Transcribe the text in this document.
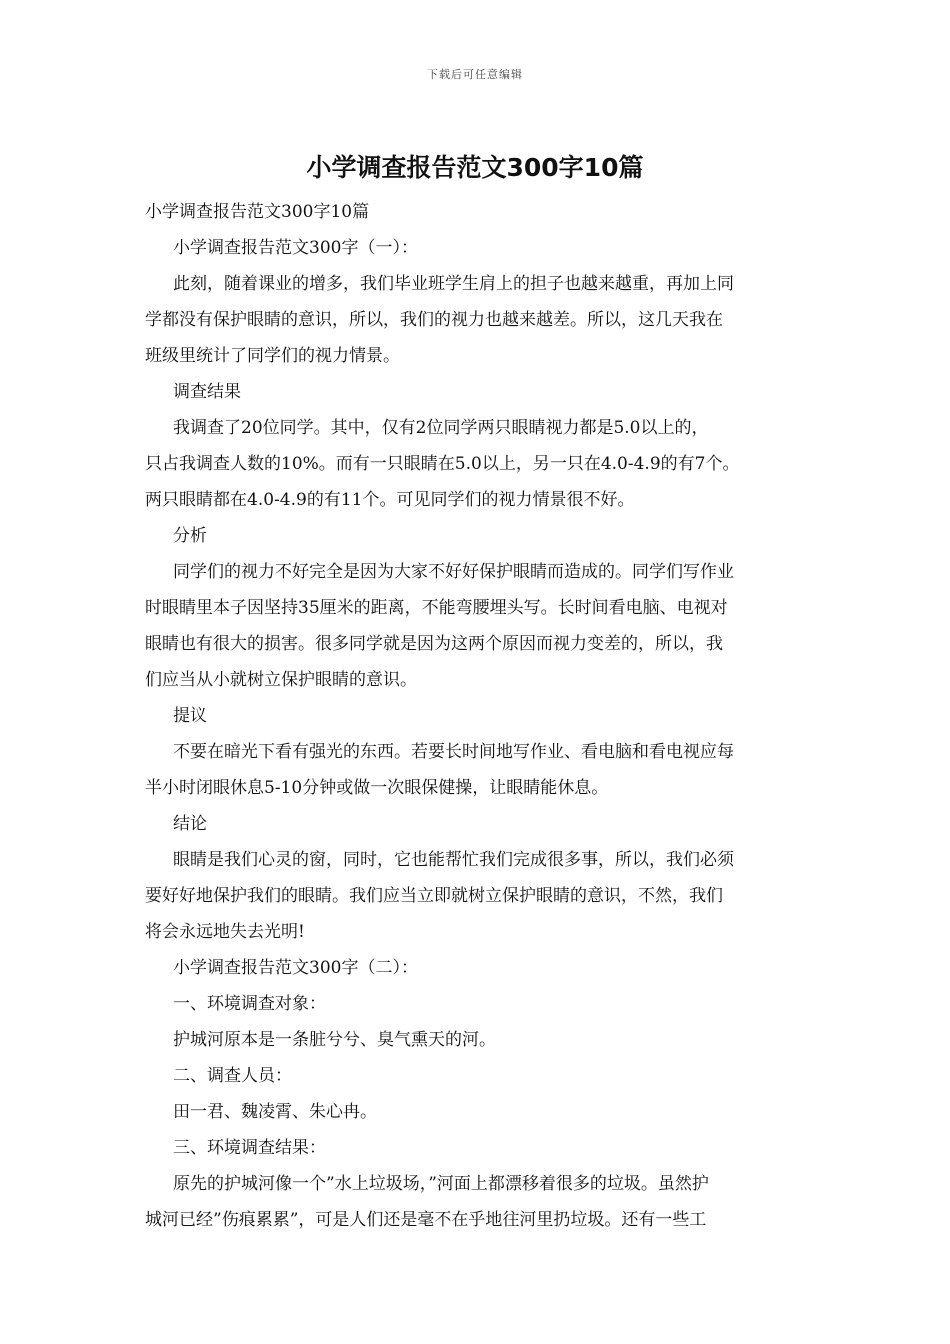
下载后可任意编辑
小学调查报告范文300字10篇

小学调查报告范文300字10篇

小学调查报告范文300字（一）：

此刻，随着课业的增多，我们毕业班学生肩上的担子也越来越重，再加上同

学都没有保护眼睛的意识，所以，我们的视力也越来越差。所以，这几天我在

班级里统计了同学们的视力情景。

调查结果

我调查了20位同学。其中，仅有2位同学两只眼睛视力都是5.0以上的，

只占我调查人数的10%。而有一只眼睛在5.0以上，另一只在4.0-4.9的有7个。

两只眼睛都在4.0-4.9的有11个。可见同学们的视力情景很不好。

分析

同学们的视力不好完全是因为大家不好好保护眼睛而造成的。同学们写作业

时眼睛里本子因坚持35厘米的距离，不能弯腰埋头写。长时间看电脑、电视对

眼睛也有很大的损害。很多同学就是因为这两个原因而视力变差的，所以，我

们应当从小就树立保护眼睛的意识。

提议

不要在暗光下看有强光的东西。若要长时间地写作业、看电脑和看电视应每

半小时闭眼休息5-10分钟或做一次眼保健操，让眼睛能休息。

结论

眼睛是我们心灵的窗，同时，它也能帮忙我们完成很多事，所以，我们必须

要好好地保护我们的眼睛。我们应当立即就树立保护眼睛的意识，不然，我们

将会永远地失去光明!

小学调查报告范文300字（二）：

一、环境调查对象：

护城河原本是一条脏兮兮、臭气熏天的河。

二、调查人员：

田一君、魏凌霄、朱心冉。

三、环境调查结果：

原先的护城河像一个”水上垃圾场，”河面上都漂移着很多的垃圾。虽然护

城河已经”伤痕累累”，可是人们还是毫不在乎地往河里扔垃圾。还有一些工
